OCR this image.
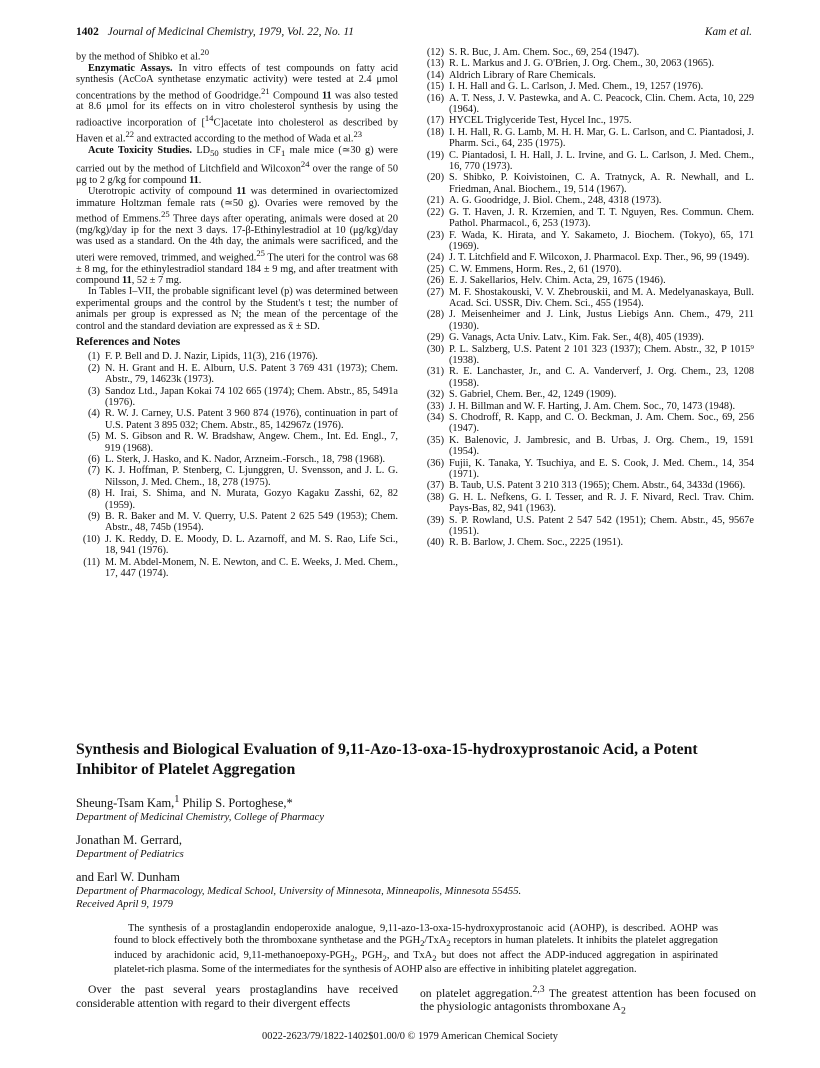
1402 Journal of Medicinal Chemistry, 1979, Vol. 22, No. 11	Kam et al.

by the method of Shibko et al.$^{20}$

Enzymatic Assays. In vitro effects of test compounds on fatty acid synthesis (AcCoA synthetase enzymatic activity) were tested at 2.4 μmol concentrations by the method of Goodridge.$^{21}$ Compound 11 was also tested at 8.6 μmol for its effects on in vitro cholesterol synthesis by using the radioactive incorporation of [$^{14}$C]acetate into cholesterol as described by Haven et al.$^{22}$ and extracted according to the method of Wada et al.$^{23}$

Acute Toxicity Studies. $LD_{50}$ studies in $CF_1$ male mice (≃30 g) were carried out by the method of Litchfield and Wilcoxon$^{24}$ over the range of 50 μg to 2 g/kg for compound 11.

Uterotropic activity of compound 11 was determined in ovariectomized immature Holtzman female rats (≃50 g). Ovaries were removed by the method of Emmens.$^{25}$ Three days after operating, animals were dosed at 20 (mg/kg)/day ip for the next 3 days. 17-β-Ethinylestradiol at 10 (μg/kg)/day was used as a standard. On the 4th day, the animals were sacrificed, and the uteri were removed, trimmed, and weighed.$^{25}$ The uteri for the control was 68 ± 8 mg, for the ethinylestradiol standard 184 ± 9 mg, and after treatment with compound 11, 52 ± 7 mg.

In Tables I–VII, the probable significant level (p) was determined between experimental groups and the control by the Student's t test; the number of animals per group is expressed as N; the mean of the percentage of the control and the standard deviation are expressed as x̄ ± SD.

References and Notes
(1) F. P. Bell and D. J. Nazir, Lipids, 11(3), 216 (1976).
(2) N. H. Grant and H. E. Alburn, U.S. Patent 3 769 431 (1973); Chem. Abstr., 79, 14623k (1973).
(3) Sandoz Ltd., Japan Kokai 74 102 665 (1974); Chem. Abstr., 85, 5491a (1976).
(4) R. W. J. Carney, U.S. Patent 3 960 874 (1976), continuation in part of U.S. Patent 3 895 032; Chem. Abstr., 85, 142967z (1976).
(5) M. S. Gibson and R. W. Bradshaw, Angew. Chem., Int. Ed. Engl., 7, 919 (1968).
(6) L. Sterk, J. Hasko, and K. Nador, Arzneim.-Forsch., 18, 798 (1968).
(7) K. J. Hoffman, P. Stenberg, C. Ljunggren, U. Svensson, and J. L. G. Nilsson, J. Med. Chem., 18, 278 (1975).
(8) H. Irai, S. Shima, and N. Murata, Gozyo Kagaku Zasshi, 62, 82 (1959).
(9) B. R. Baker and M. V. Querry, U.S. Patent 2 625 549 (1953); Chem. Abstr., 48, 745b (1954).
(10) J. K. Reddy, D. E. Moody, D. L. Azarnoff, and M. S. Rao, Life Sci., 18, 941 (1976).
(11) M. M. Abdel-Monem, N. E. Newton, and C. E. Weeks, J. Med. Chem., 17, 447 (1974).
(12) S. R. Buc, J. Am. Chem. Soc., 69, 254 (1947).
(13) R. L. Markus and J. G. O'Brien, J. Org. Chem., 30, 2063 (1965).
(14) Aldrich Library of Rare Chemicals.
(15) I. H. Hall and G. L. Carlson, J. Med. Chem., 19, 1257 (1976).
(16) A. T. Ness, J. V. Pastewka, and A. C. Peacock, Clin. Chem. Acta, 10, 229 (1964).
(17) HYCEL Triglyceride Test, Hycel Inc., 1975.
(18) I. H. Hall, R. G. Lamb, M. H. H. Mar, G. L. Carlson, and C. Piantadosi, J. Pharm. Sci., 64, 235 (1975).
(19) C. Piantadosi, I. H. Hall, J. L. Irvine, and G. L. Carlson, J. Med. Chem., 16, 770 (1973).
(20) S. Shibko, P. Koivistoinen, C. A. Tratnyck, A. R. Newhall, and L. Friedman, Anal. Biochem., 19, 514 (1967).
(21) A. G. Goodridge, J. Biol. Chem., 248, 4318 (1973).
(22) G. T. Haven, J. R. Krzemien, and T. T. Nguyen, Res. Commun. Chem. Pathol. Pharmacol., 6, 253 (1973).
(23) F. Wada, K. Hirata, and Y. Sakameto, J. Biochem. (Tokyo), 65, 171 (1969).
(24) J. T. Litchfield and F. Wilcoxon, J. Pharmacol. Exp. Ther., 96, 99 (1949).
(25) C. W. Emmens, Horm. Res., 2, 61 (1970).
(26) E. J. Sakellarios, Helv. Chim. Acta, 29, 1675 (1946).
(27) M. F. Shostakouski, V. V. Zhebrouskii, and M. A. Medelyanaskaya, Bull. Acad. Sci. USSR, Div. Chem. Sci., 455 (1954).
(28) J. Meisenheimer and J. Link, Justus Liebigs Ann. Chem., 479, 211 (1930).
(29) G. Vanags, Acta Univ. Latv., Kim. Fak. Ser., 4(8), 405 (1939).
(30) P. L. Salzberg, U.S. Patent 2 101 323 (1937); Chem. Abstr., 32, P 1015⁹ (1938).
(31) R. E. Lanchaster, Jr., and C. A. Vanderverf, J. Org. Chem., 23, 1208 (1958).
(32) S. Gabriel, Chem. Ber., 42, 1249 (1909).
(33) J. H. Billman and W. F. Harting, J. Am. Chem. Soc., 70, 1473 (1948).
(34) S. Chodroff, R. Kapp, and C. O. Beckman, J. Am. Chem. Soc., 69, 256 (1947).
(35) K. Balenovic, J. Jambresic, and B. Urbas, J. Org. Chem., 19, 1591 (1954).
(36) Fujii, K. Tanaka, Y. Tsuchiya, and E. S. Cook, J. Med. Chem., 14, 354 (1971).
(37) B. Taub, U.S. Patent 3 210 313 (1965); Chem. Abstr., 64, 3433d (1966).
(38) G. H. L. Nefkens, G. I. Tesser, and R. J. F. Nivard, Recl. Trav. Chim. Pays-Bas, 82, 941 (1963).
(39) S. P. Rowland, U.S. Patent 2 547 542 (1951); Chem. Abstr., 45, 9567e (1951).
(40) R. B. Barlow, J. Chem. Soc., 2225 (1951).
Synthesis and Biological Evaluation of 9,11-Azo-13-oxa-15-hydroxyprostanoic Acid, a Potent Inhibitor of Platelet Aggregation

Sheung-Tsam Kam,$^1$ Philip S. Portoghese,*

Department of Medicinal Chemistry, College of Pharmacy

Jonathan M. Gerrard,

Department of Pediatrics

and Earl W. Dunham

Department of Pharmacology, Medical School, University of Minnesota, Minneapolis, Minnesota 55455.

Received April 9, 1979

The synthesis of a prostaglandin endoperoxide analogue, 9,11-azo-13-oxa-15-hydroxyprostanoic acid (AOHP), is described. AOHP was found to block effectively both the thromboxane synthetase and the $PGH_2/TxA_2$ receptors in human platelets. It inhibits the platelet aggregation induced by arachidonic acid, $9,11-methanoepoxy-PGH_2$, $PGH_2$, and TxA$_2$ but does not affect the ADP-induced aggregation in aspirinated platelet-rich plasma. Some of the intermediates for the synthesis of AOHP also are effective in inhibiting platelet aggregation.

Over the past several years prostaglandins have received considerable attention with regard to their divergent effects
on platelet aggregation.$^{2,3}$ The greatest attention has been focused on the physiologic antagonists thromboxane $A_2$
0022-2623/79/1822-1402$01.00/0 © 1979 American Chemical Society
